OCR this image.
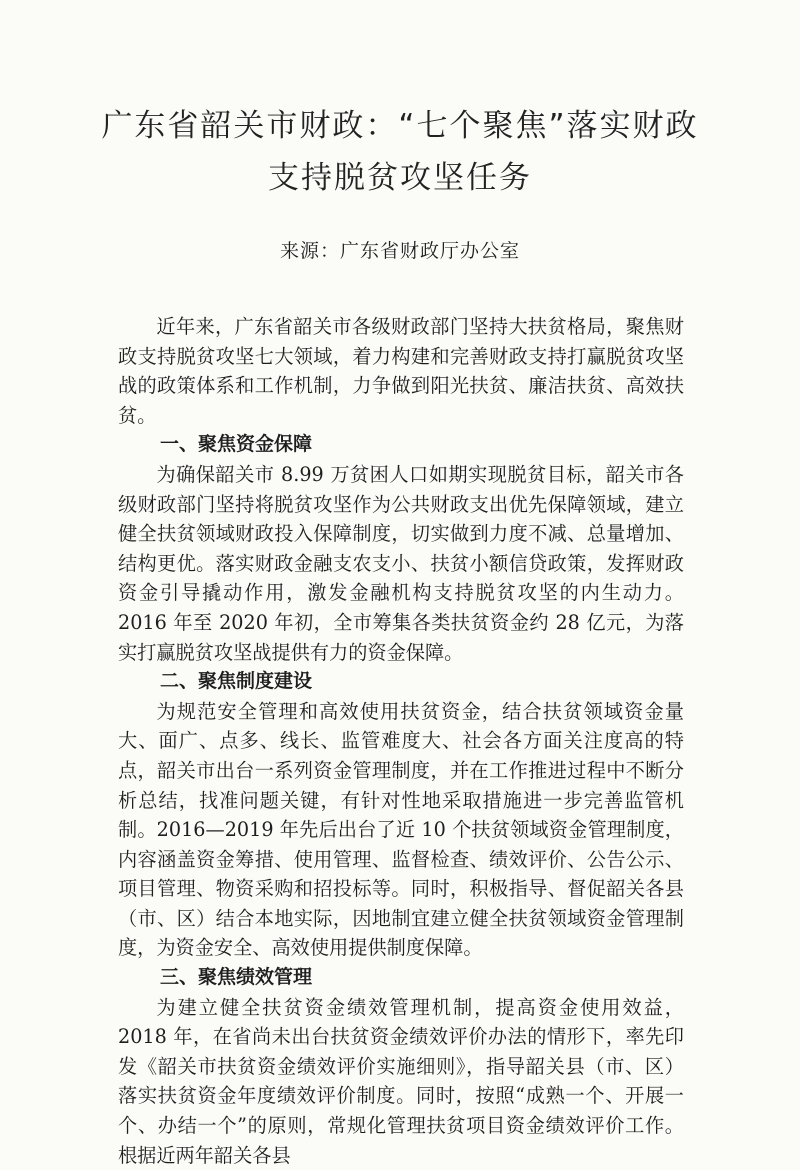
广东省韶关市财政：“七个聚焦”落实财政
支持脱贫攻坚任务
来源：广东省财政厅办公室

近年来，广东省韶关市各级财政部门坚持大扶贫格局，聚焦财政支持脱贫攻坚七大领域，着力构建和完善财政支持打赢脱贫攻坚战的政策体系和工作机制，力争做到阳光扶贫、廉洁扶贫、高效扶贫。

一、聚焦资金保障

为确保韶关市 8.99 万贫困人口如期实现脱贫目标，韶关市各级财政部门坚持将脱贫攻坚作为公共财政支出优先保障领域，建立健全扶贫领域财政投入保障制度，切实做到力度不减、总量增加、结构更优。落实财政金融支农支小、扶贫小额信贷政策，发挥财政资金引导撬动作用，激发金融机构支持脱贫攻坚的内生动力。2016 年至 2020 年初，全市筹集各类扶贫资金约 28 亿元，为落实打赢脱贫攻坚战提供有力的资金保障。

二、聚焦制度建设

为规范安全管理和高效使用扶贫资金，结合扶贫领域资金量大、面广、点多、线长、监管难度大、社会各方面关注度高的特点，韶关市出台一系列资金管理制度，并在工作推进过程中不断分析总结，找准问题关键，有针对性地采取措施进一步完善监管机制。2016—2019 年先后出台了近 10 个扶贫领域资金管理制度，内容涵盖资金筹措、使用管理、监督检查、绩效评价、公告公示、项目管理、物资采购和招投标等。同时，积极指导、督促韶关各县（市、区）结合本地实际，因地制宜建立健全扶贫领域资金管理制度，为资金安全、高效使用提供制度保障。

三、聚焦绩效管理

为建立健全扶贫资金绩效管理机制，提高资金使用效益，2018 年，在省尚未出台扶贫资金绩效评价办法的情形下，率先印发《韶关市扶贫资金绩效评价实施细则》，指导韶关县（市、区）落实扶贫资金年度绩效评价制度。同时，按照“成熟一个、开展一个、办结一个”的原则，常规化管理扶贫项目资金绩效评价工作。根据近两年韶关各县
